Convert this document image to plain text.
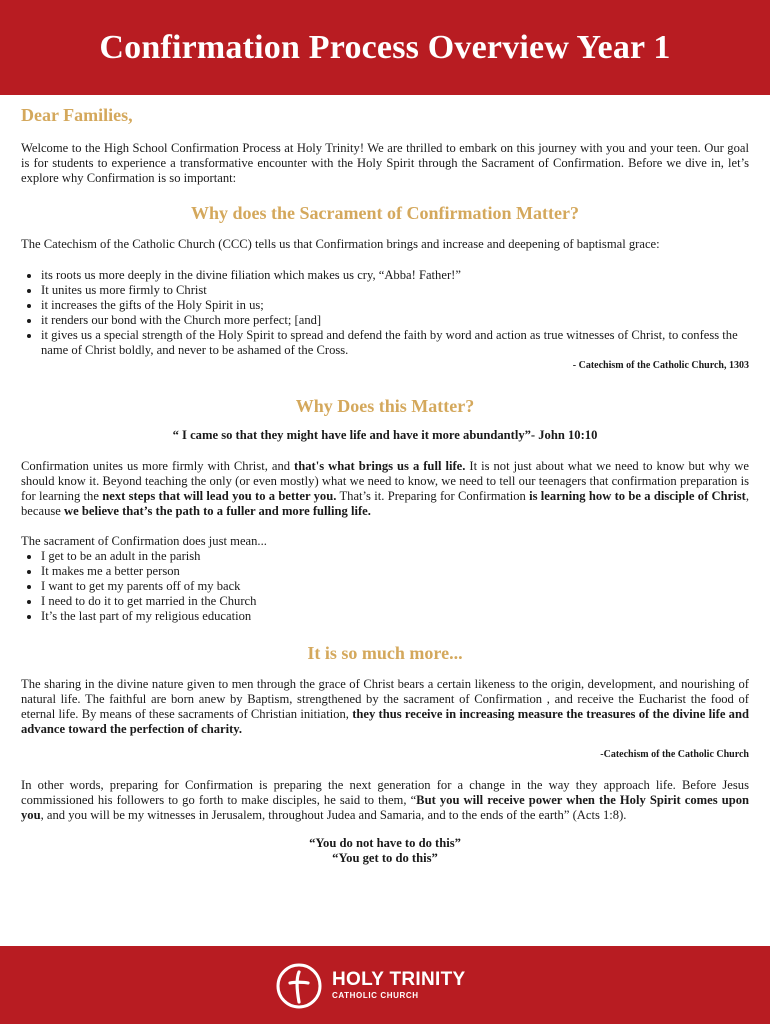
Confirmation Process Overview Year 1
Dear Families,

Welcome to the High School Confirmation Process at Holy Trinity! We are thrilled to embark on this journey with you and your teen. Our goal is for students to experience a transformative encounter with the Holy Spirit through the Sacrament of Confirmation. Before we dive in, let’s explore why Confirmation is so important:

Why does the Sacrament of Confirmation Matter?

The Catechism of the Catholic Church (CCC) tells us that Confirmation brings and increase and deepening of baptismal grace:

• its roots us more deeply in the divine filiation which makes us cry, “Abba! Father!”
• It unites us more firmly to Christ
• it increases the gifts of the Holy Spirit in us;
• it renders our bond with the Church more perfect; [and]
• it gives us a special strength of the Holy Spirit to spread and defend the faith by word and action as true witnesses of Christ, to confess the name of Christ boldly, and never to be ashamed of the Cross.
- Catechism of the Catholic Church, 1303
Why Does this Matter?
“ I came so that they might have life and have it more abundantly”- John 10:10

Confirmation unites us more firmly with Christ, and that's what brings us a full life. It is not just about what we need to know but why we should know it. Beyond teaching the only (or even mostly) what we need to know, we need to tell our teenagers that confirmation preparation is for learning the next steps that will lead you to a better you. That’s it. Preparing for Confirmation is learning how to be a disciple of Christ, because we believe that’s the path to a fuller and more fulling life.

The sacrament of Confirmation does just mean...

• I get to be an adult in the parish
• It makes me a better person
• I want to get my parents off of my back
• I need to do it to get married in the Church
• It’s the last part of my religious education
It is so much more...

The sharing in the divine nature given to men through the grace of Christ bears a certain likeness to the origin, development, and nourishing of natural life. The faithful are born anew by Baptism, strengthened by the sacrament of Confirmation , and receive the Eucharist the food of eternal life. By means of these sacraments of Christian initiation, they thus receive in increasing measure the treasures of the divine life and advance toward the perfection of charity.

-Catechism of the Catholic Church

In other words, preparing for Confirmation is preparing the next generation for a change in the way they approach life. Before Jesus commissioned his followers to go forth to make disciples, he said to them, “But you will receive power when the Holy Spirit comes upon you, and you will be my witnesses in Jerusalem, throughout Judea and Samaria, and to the ends of the earth” (Acts 1:8).

“You do not have to do this”
“You get to do this”
HOLY TRINITY
CATHOLIC CHURCH
